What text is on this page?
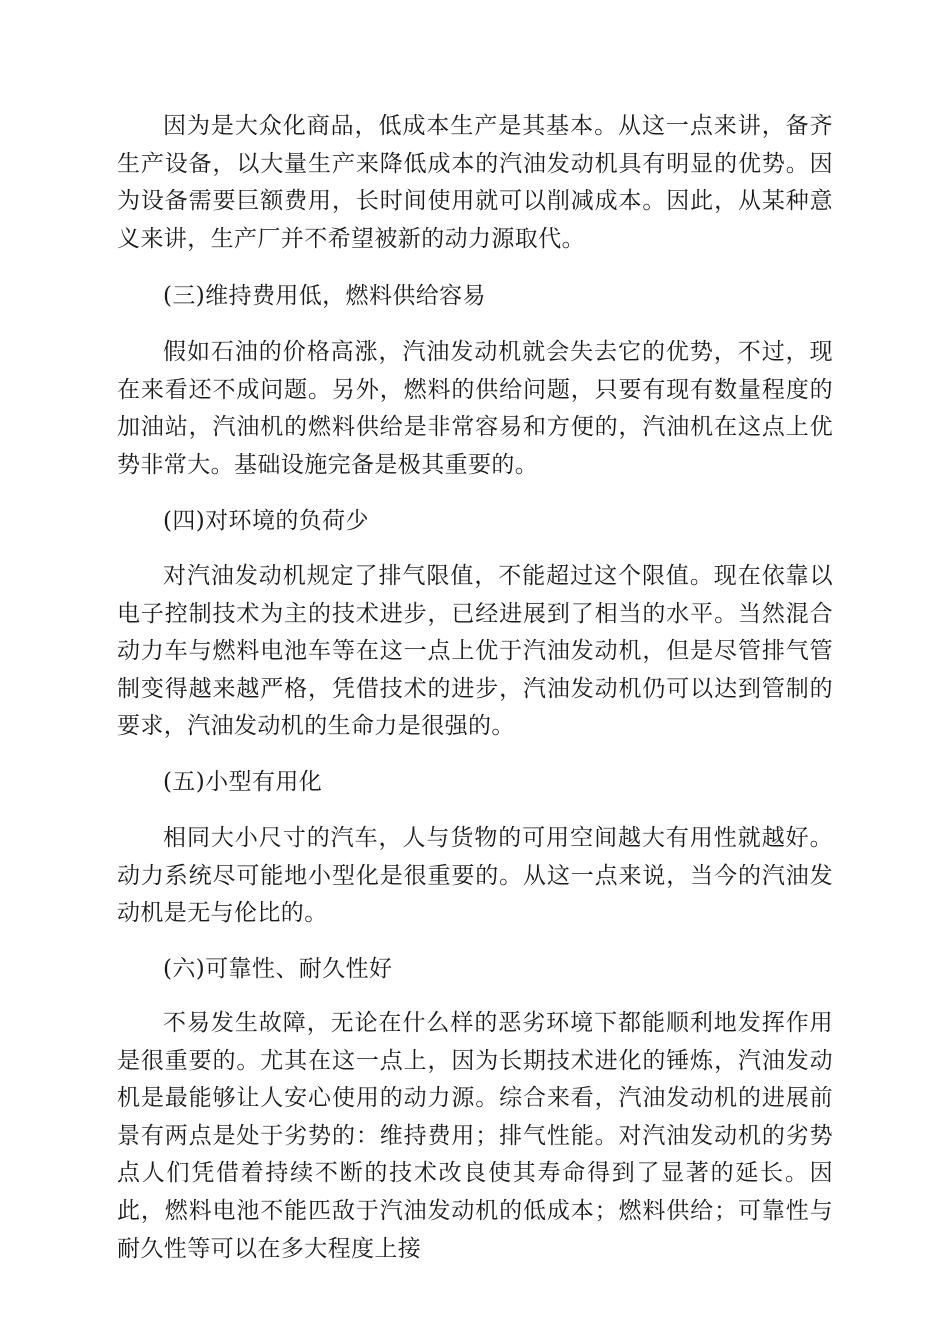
因为是大众化商品，低成本生产是其基本。从这一点来讲，备齐生产设备，以大量生产来降低成本的汽油发动机具有明显的优势。因为设备需要巨额费用，长时间使用就可以削减成本。因此，从某种意义来讲，生产厂并不希望被新的动力源取代。

(三)维持费用低，燃料供给容易

假如石油的价格高涨，汽油发动机就会失去它的优势，不过，现在来看还不成问题。另外，燃料的供给问题，只要有现有数量程度的加油站，汽油机的燃料供给是非常容易和方便的，汽油机在这点上优势非常大。基础设施完备是极其重要的。

(四)对环境的负荷少

对汽油发动机规定了排气限值，不能超过这个限值。现在依靠以电子控制技术为主的技术进步，已经进展到了相当的水平。当然混合动力车与燃料电池车等在这一点上优于汽油发动机，但是尽管排气管制变得越来越严格，凭借技术的进步，汽油发动机仍可以达到管制的要求，汽油发动机的生命力是很强的。

(五)小型有用化

相同大小尺寸的汽车，人与货物的可用空间越大有用性就越好。动力系统尽可能地小型化是很重要的。从这一点来说，当今的汽油发动机是无与伦比的。

(六)可靠性、耐久性好

不易发生故障，无论在什么样的恶劣环境下都能顺利地发挥作用是很重要的。尤其在这一点上，因为长期技术进化的锤炼，汽油发动机是最能够让人安心使用的动力源。综合来看，汽油发动机的进展前景有两点是处于劣势的：维持费用；排气性能。对汽油发动机的劣势点人们凭借着持续不断的技术改良使其寿命得到了显著的延长。因此，燃料电池不能匹敌于汽油发动机的低成本；燃料供给；可靠性与耐久性等可以在多大程度上接
